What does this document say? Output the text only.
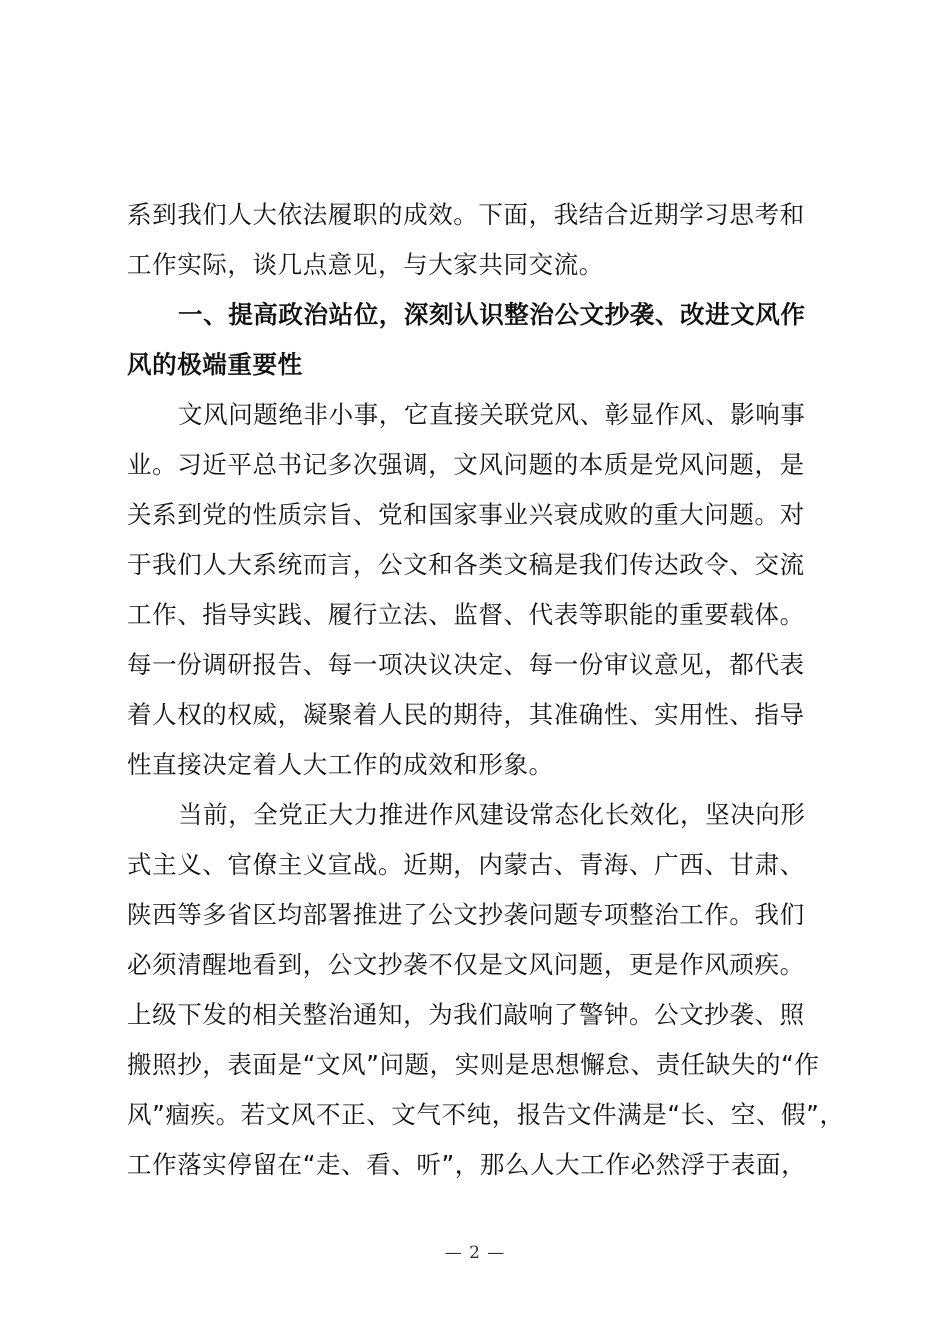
系到我们人大依法履职的成效。下面，我结合近期学习思考和
工作实际，谈几点意见，与大家共同交流。
一、提高政治站位，深刻认识整治公文抄袭、改进文风作
风的极端重要性
文风问题绝非小事，它直接关联党风、彰显作风、影响事
业。习近平总书记多次强调，文风问题的本质是党风问题，是
关系到党的性质宗旨、党和国家事业兴衰成败的重大问题。对
于我们人大系统而言，公文和各类文稿是我们传达政令、交流
工作、指导实践、履行立法、监督、代表等职能的重要载体。
每一份调研报告、每一项决议决定、每一份审议意见，都代表
着人权的权威，凝聚着人民的期待，其准确性、实用性、指导
性直接决定着人大工作的成效和形象。
当前，全党正大力推进作风建设常态化长效化，坚决向形
式主义、官僚主义宣战。近期，内蒙古、青海、广西、甘肃、
陕西等多省区均部署推进了公文抄袭问题专项整治工作。我们
必须清醒地看到，公文抄袭不仅是文风问题，更是作风顽疾。
上级下发的相关整治通知，为我们敲响了警钟。公文抄袭、照
搬照抄，表面是“文风”问题，实则是思想懈怠、责任缺失的“作
风”痼疾。若文风不正、文气不纯，报告文件满是“长、空、假”，
工作落实停留在“走、看、听”，那么人大工作必然浮于表面，
— 2 —
